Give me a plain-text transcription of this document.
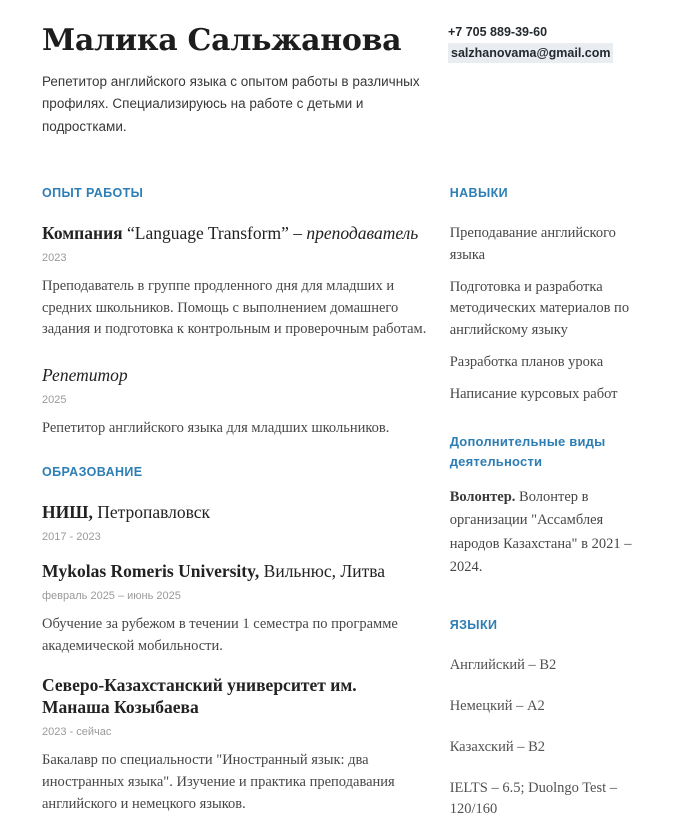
Малика Сальжанова

Репетитор английского языка с опытом работы в различных профилях. Специализируюсь на работе с детьми и подростками.

+7 705 889-39-60
salzhanovama@gmail.com
ОПЫТ РАБОТЫ
Компания “Language Transform” – преподаватель
2023

Преподаватель в группе продленного дня для младших и средних школьников. Помощь с выполнением домашнего задания и подготовка к контрольным и проверочным работам.

Репетитор
2025

Репетитор английского языка для младших школьников.

ОБРАЗОВАНИЕ
НИШ, Петропавловск
2017 - 2023
Mykolas Romeris University, Вильнюс, Литва
февраль 2025 – июнь 2025

Обучение за рубежом в течении 1 семестра по программе академической мобильности.

Северо-Казахстанский университет им. Манаша Козыбаева
2023 - сейчас

Бакалавр по специальности "Иностранный язык: два иностранных языка". Изучение и практика преподавания английского и немецкого языков.

НАВЫКИ
Преподавание английского языка
Подготовка и разработка методических материалов по английскому языку
Разработка планов урока
Написание курсовых работ
Дополнительные виды деятельности

Волонтер. Волонтер в организации "Ассамблея народов Казахстана" в 2021 – 2024.

ЯЗЫКИ
Английский – B2
Немецкий – A2
Казахский – B2
IELTS – 6.5; Duolngo Test – 120/160
